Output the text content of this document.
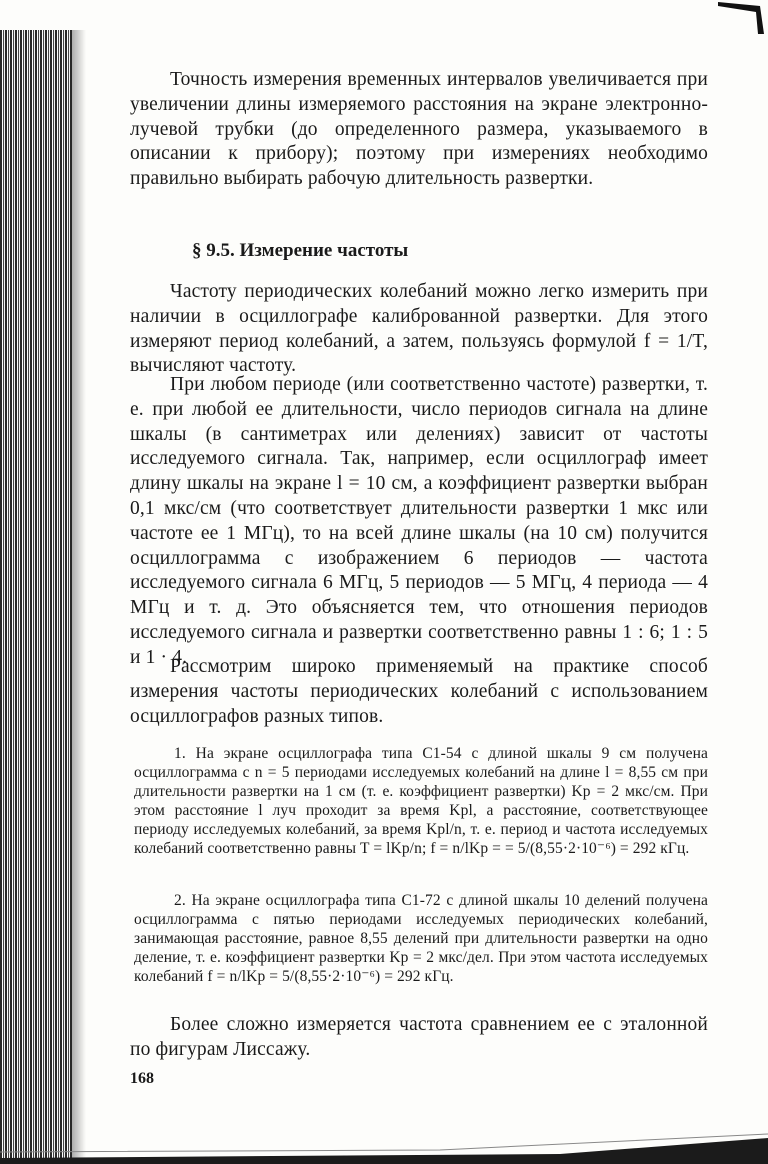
Точность измерения временных интервалов увеличивается при увеличении длины измеряемого расстояния на экране электронно-лучевой трубки (до определенного размера, указываемого в описании к прибору); поэтому при измерениях необходимо правильно выбирать рабочую длительность развертки.

§ 9.5. Измерение частоты

Частоту периодических колебаний можно легко измерить при наличии в осциллографе калиброванной развертки. Для этого измеряют период колебаний, а затем, пользуясь формулой f = 1/T, вычисляют частоту.

При любом периоде (или соответственно частоте) развертки, т. е. при любой ее длительности, число периодов сигнала на длине шкалы (в сантиметрах или делениях) зависит от частоты исследуемого сигнала. Так, например, если осциллограф имеет длину шкалы на экране l = 10 см, а коэффициент развертки выбран 0,1 мкс/см (что соответствует длительности развертки 1 мкс или частоте ее 1 МГц), то на всей длине шкалы (на 10 см) получится осциллограмма с изображением 6 периодов — частота исследуемого сигнала 6 МГц, 5 периодов — 5 МГц, 4 периода — 4 МГц и т. д. Это объясняется тем, что отношения периодов исследуемого сигнала и развертки соответственно равны 1 : 6; 1 : 5 и 1 · 4.

Рассмотрим широко применяемый на практике способ измерения частоты периодических колебаний с использованием осциллографов разных типов.

1. На экране осциллографа типа С1-54 с длиной шкалы 9 см получена осциллограмма с n = 5 периодами исследуемых колебаний на длине l = 8,55 см при длительности развертки на 1 см (т. е. коэффициент развертки) Kр = 2 мкс/см. При этом расстояние l луч проходит за время Kрl, а расстояние, соответствующее периоду исследуемых колебаний, за время Kрl/n, т. е. период и частота исследуемых колебаний соответственно равны T = lKр/n; f = n/lKр = = 5/(8,55·2·10⁻⁶) = 292 кГц.

2. На экране осциллографа типа С1-72 с длиной шкалы 10 делений получена осциллограмма с пятью периодами исследуемых периодических колебаний, занимающая расстояние, равное 8,55 делений при длительности развертки на одно деление, т. е. коэффициент развертки Kр = 2 мкс/дел. При этом частота исследуемых колебаний f = n/lKр = 5/(8,55·2·10⁻⁶) = 292 кГц.

Более сложно измеряется частота сравнением ее с эталонной по фигурам Лиссажу.

168
